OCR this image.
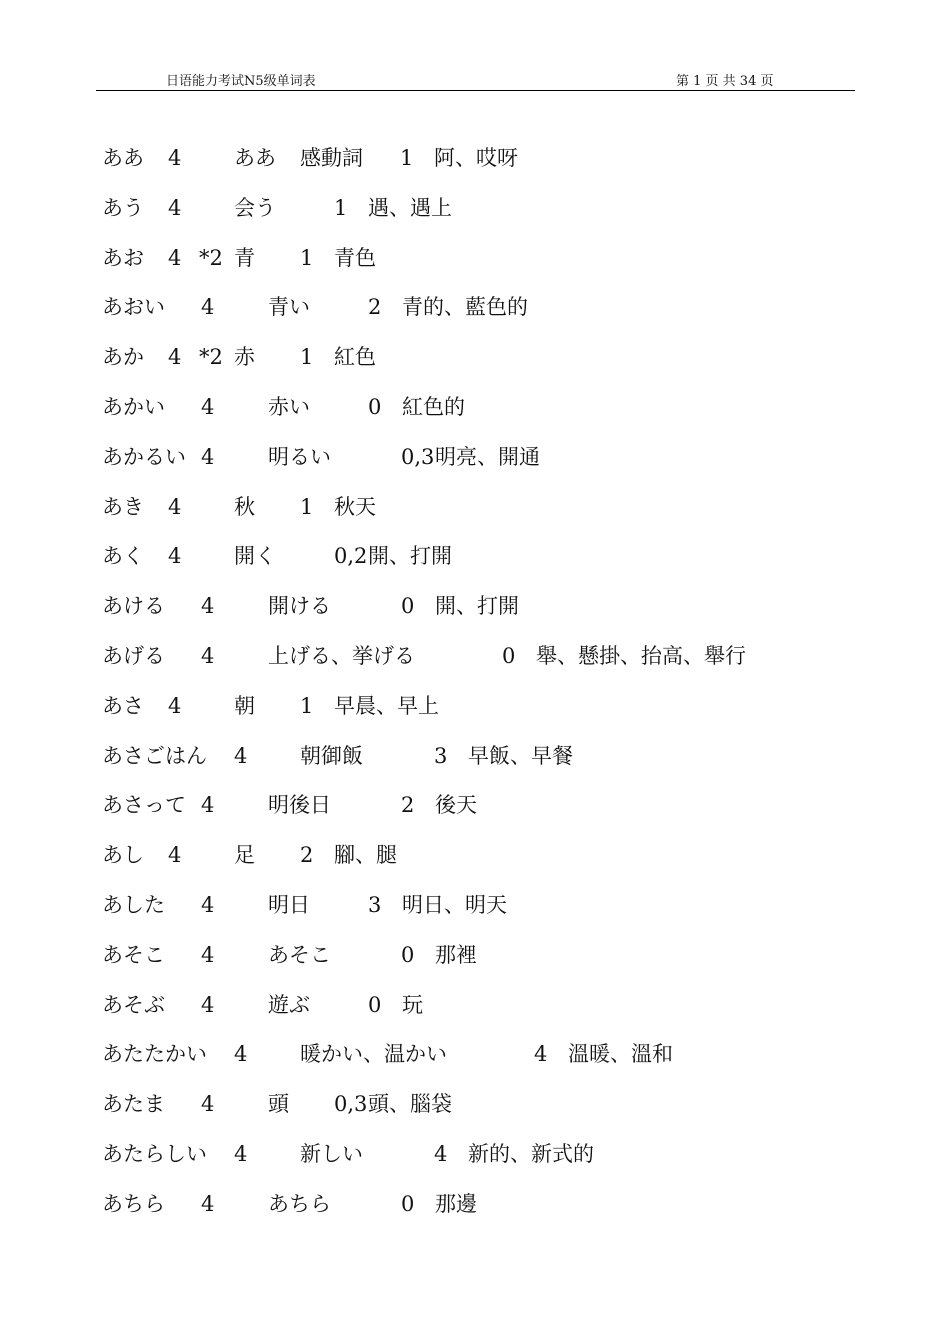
日语能力考试N5级单词表	第 1 页 共 34 页
ああ 4	ああ 感動詞 1 阿、哎呀
あう 4	会う	1 遇、遇上
あお 4 *2 青 1 青色
あおい 4	青い	2 青的、藍色的
あか 4 *2 赤 1 紅色
あかい 4	赤い	0 紅色的
あかるい 4	明るい	0,3 明亮、開通
あき 4	秋 1 秋天
あく 4	開く	0,2 開、打開
あける 4	開ける	0 開、打開
あげる 4	上げる、挙げる	0 舉、懸掛、抬高、舉行
あさ 4	朝 1 早晨、早上
あさごはん 4	朝御飯	3 早飯、早餐
あさって 4	明後日	2 後天
あし 4	足 2 腳、腿
あした 4	明日	3 明日、明天
あそこ 4	あそこ	0 那裡
あそぶ 4	遊ぶ	0 玩
あたたかい 4	暖かい、温かい	4 溫暖、溫和
あたま 4	頭 0,3 頭、腦袋
あたらしい 4	新しい	4 新的、新式的
あちら 4	あちら	0 那邊
